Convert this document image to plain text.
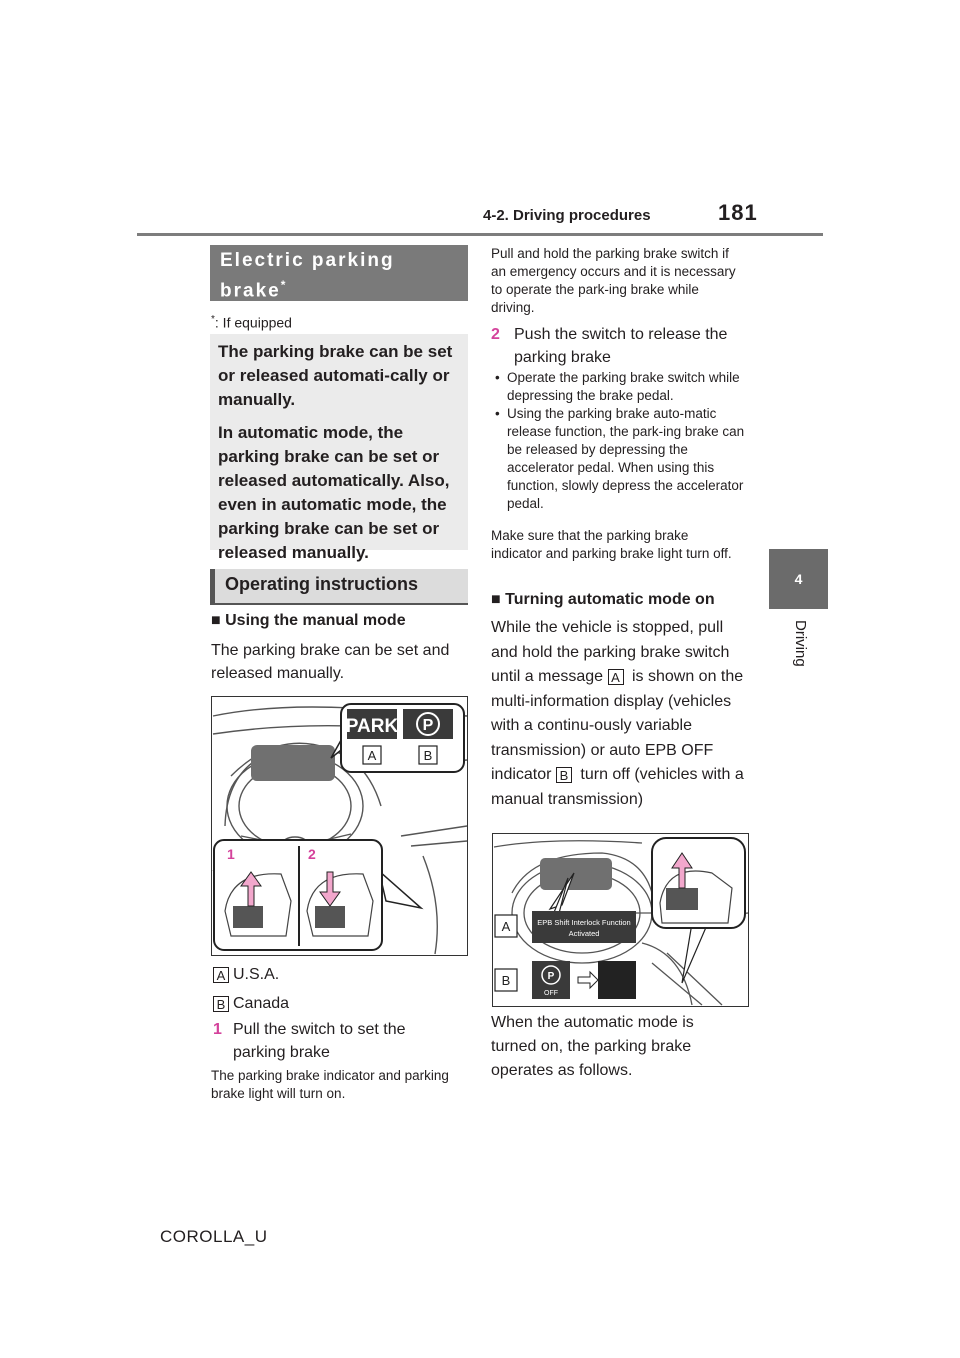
4-2. Driving procedures	181
4
Driving
Electric parking brake*
*: If equipped

The parking brake can be set or released automati-cally or manually.

In automatic mode, the parking brake can be set or released automatically. Also, even in automatic mode, the parking brake can be set or released manually.

Operating instructions
■ Using the manual mode
The parking brake can be set and released manually.
PARK P
A	B
1	2
A U.S.A.
B Canada
1 Pull the switch to set the parking brake
The parking brake indicator and parking brake light will turn on.
Pull and hold the parking brake switch if an emergency occurs and it is necessary to operate the park-ing brake while driving.
2 Push the switch to release the parking brake
• Operate the parking brake switch while depressing the brake pedal.
• Using the parking brake auto-matic release function, the park-ing brake can be released by depressing the accelerator pedal. When using this function, slowly depress the accelerator pedal.
Make sure that the parking brake indicator and parking brake light turn off.
■ Turning automatic mode on
While the vehicle is stopped, pull and hold the parking brake switch until a message A is shown on the multi-information display (vehicles with a continu-ously variable transmission) or auto EPB OFF indicator B turn off (vehicles with a manual transmission)
A	EPB Shift Interlock Function
Activated
B	P
OFF
When the automatic mode is turned on, the parking brake operates as follows.
COROLLA_U
